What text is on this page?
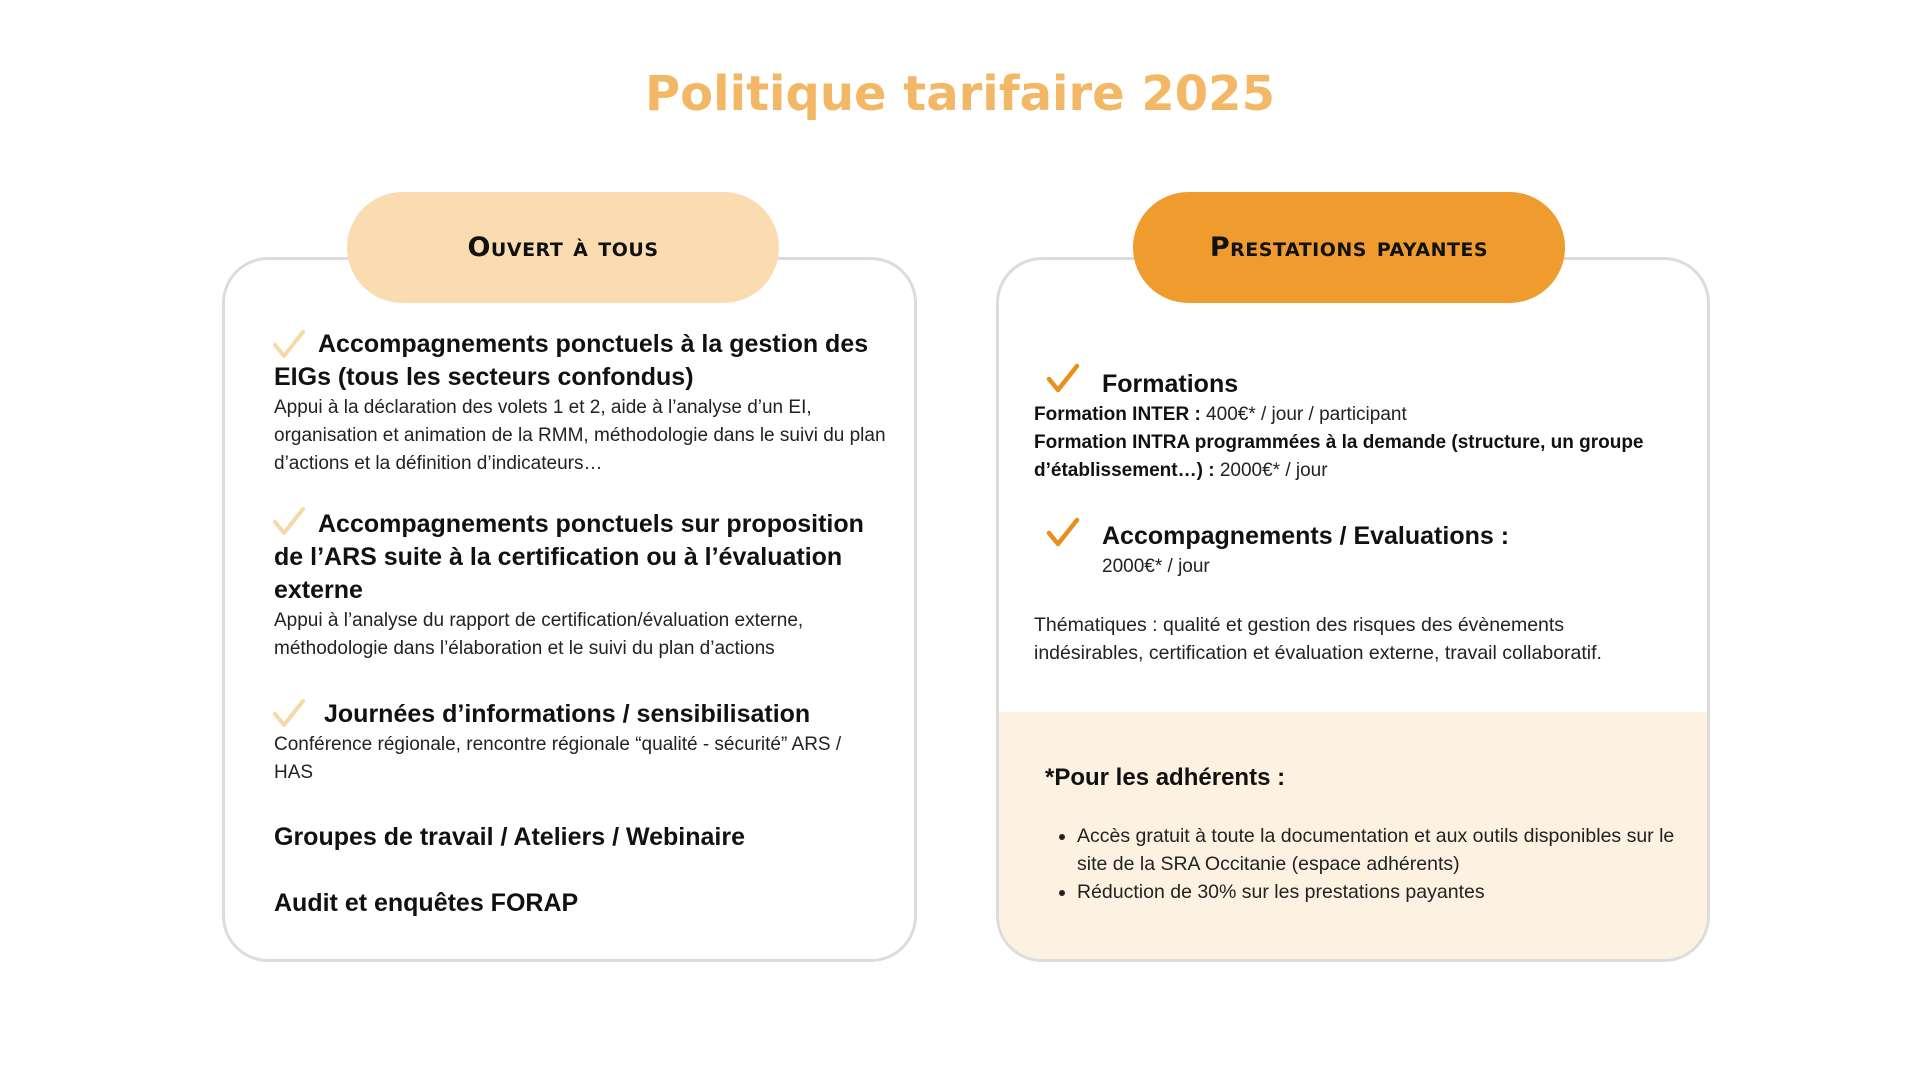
Politique tarifaire 2025
Ouvert à tous

Accompagnements ponctuels à la gestion des EIGs (tous les secteurs confondus)

Appui à la déclaration des volets 1 et 2, aide à l’analyse d’un EI, organisation et animation de la RMM, méthodologie dans le suivi du plan d’actions et la définition d’indicateurs…

Accompagnements ponctuels sur proposition de l’ARS suite à la certification ou à l’évaluation externe

Appui à l’analyse du rapport de certification/évaluation externe, méthodologie dans l’élaboration et le suivi du plan d’actions

Journées d’informations / sensibilisation

Conférence régionale, rencontre régionale “qualité - sécurité” ARS / HAS

Groupes de travail / Ateliers / Webinaire

Audit et enquêtes FORAP

*Pour les adhérents :

• Accès gratuit à toute la documentation et aux outils disponibles sur le site de la SRA Occitanie (espace adhérents)
• Réduction de 30% sur les prestations payantes
Prestations payantes

Formations

Formation INTER : 400€* / jour / participant

Formation INTRA programmées à la demande (structure, un groupe d’établissement…) : 2000€* / jour

Accompagnements / Evaluations :

2000€* / jour

Thématiques : qualité et gestion des risques des évènements indésirables, certification et évaluation externe, travail collaboratif.
